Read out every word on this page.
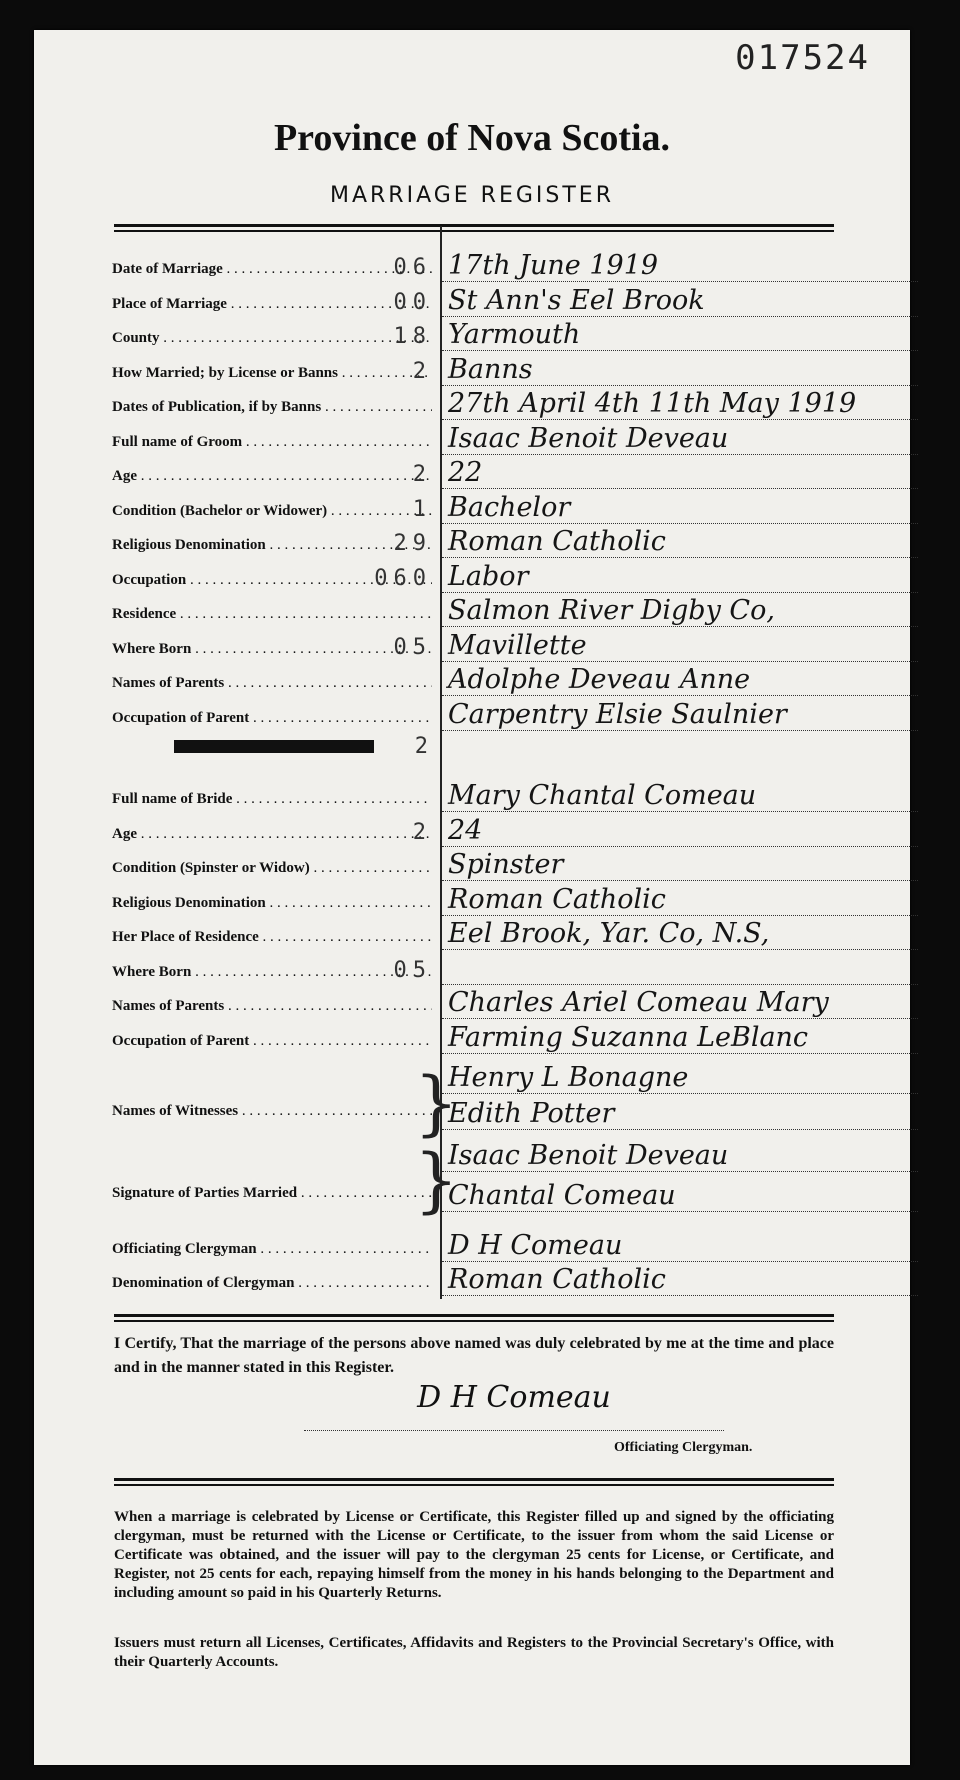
017524
Province of Nova Scotia.
MARRIAGE REGISTER
Date of Marriage . . .	06 17th June 1919
Place of Marriage . . .	00 St Ann's Eel Brook
County . . .	18 Yarmouth
How Married; by License or Banns . . .	2 Banns
Dates of Publication, if by Banns . . .	27th April 4th 11th May 1919
Full name of Groom . . .	Isaac Benoit Deveau
Age . . .	2 22
Condition (Bachelor or Widower) . . .	1 Bachelor
Religious Denomination . . .	29 Roman Catholic
Occupation . . .	060 Labor
Residence . . .	Salmon River Digby Co,
Where Born . . .	05 Mavillette
Names of Parents . . .	Adolphe Deveau Anne
Occupation of Parent . . .	Carpentry Elsie Saulnier
2
Full name of Bride . . .	Mary Chantal Comeau
Age . . .	2 24
Condition (Spinster or Widow) . . .	Spinster
Religious Denomination . . .	Roman Catholic
Her Place of Residence . . .	Eel Brook, Yar. Co, N.S,
Where Born . . .	05

Names of Parents . . .	Charles Ariel Comeau Mary
Occupation of Parent . . .	Farming Suzanna LeBlanc
}
}
Names of Witnesses . . .
Henry L Bonagne
Edith Potter
Signature of Parties Married . . .
Isaac Benoit Deveau
Chantal Comeau
Officiating Clergyman . . .	D H Comeau
Denomination of Clergyman . . .	Roman Catholic
I Certify, That the marriage of the persons above named was duly celebrated by me at the time and place and in the manner stated in this Register.
D H Comeau
Officiating Clergyman.
When a marriage is celebrated by License or Certificate, this Register filled up and signed by the officiating clergyman, must be returned with the License or Certificate, to the issuer from whom the said License or Certificate was obtained, and the issuer will pay to the clergyman 25 cents for License, or Certificate, and Register, not 25 cents for each, repaying himself from the money in his hands belonging to the Department and including amount so paid in his Quarterly Returns.
Issuers must return all Licenses, Certificates, Affidavits and Registers to the Provincial Secretary's Office, with their Quarterly Accounts.
